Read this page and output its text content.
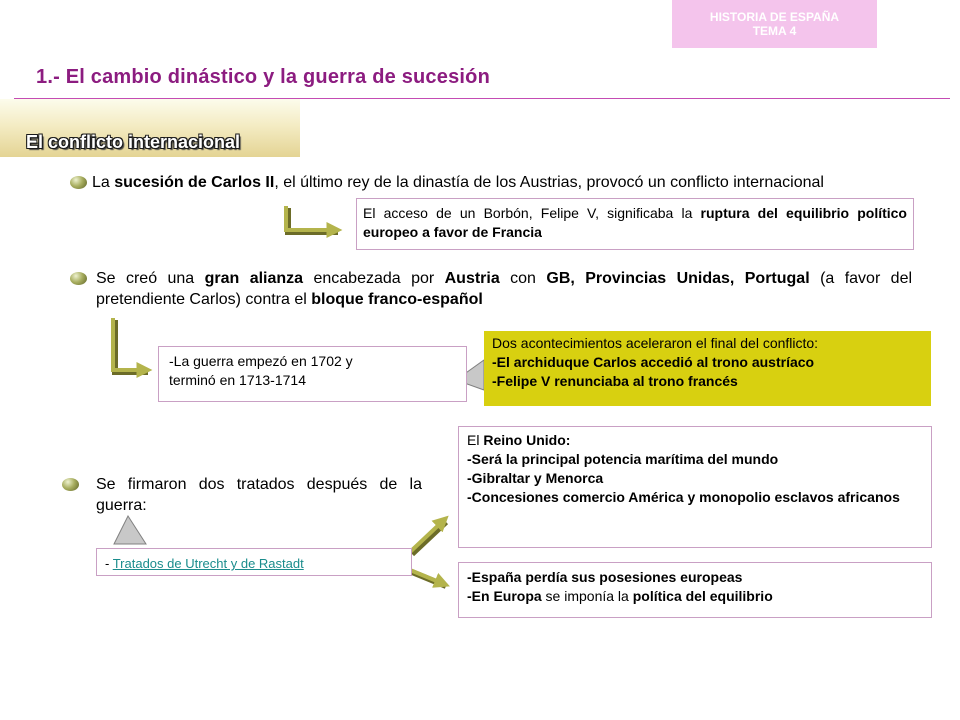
HISTORIA DE ESPAÑA
TEMA 4
1.- El cambio dinástico y la guerra de sucesión
El conflicto internacional
La sucesión de Carlos II, el último rey de la dinastía de los Austrias, provocó un conflicto internacional
El acceso de un Borbón, Felipe V, significaba la ruptura del equilibrio político europeo a favor de Francia
Se creó una gran alianza encabezada por Austria con GB, Provincias Unidas, Portugal (a favor del pretendiente Carlos) contra el bloque franco-español
-La guerra empezó en 1702 y
terminó en 1713-1714
Dos acontecimientos aceleraron el final del conflicto:
-El archiduque Carlos accedió al trono austríaco
-Felipe V renunciaba al trono francés
Se firmaron dos tratados después de la guerra:
- Tratados de Utrecht y de Rastadt
El Reino Unido:
-Será la principal potencia marítima del mundo
-Gibraltar y Menorca
-Concesiones comercio América y monopolio esclavos africanos
-España perdía sus posesiones europeas
-En Europa se imponía la política del equilibrio
